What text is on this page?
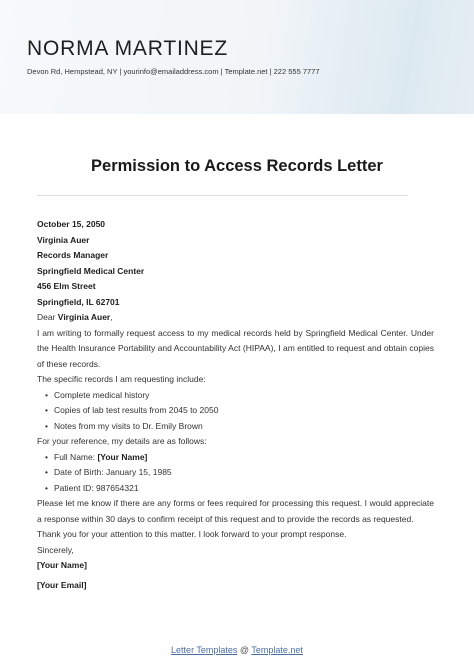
NORMA MARTINEZ

Devon Rd, Hempstead, NY | yourinfo@emailaddress.com | Template.net | 222 555 7777

Permission to Access Records Letter

October 15, 2050

Virginia Auer

Records Manager

Springfield Medical Center

456 Elm Street

Springfield, IL 62701

Dear Virginia Auer,

I am writing to formally request access to my medical records held by Springfield Medical Center. Under the Health Insurance Portability and Accountability Act (HIPAA), I am entitled to request and obtain copies of these records.

The specific records I am requesting include:

• Complete medical history
• Copies of lab test results from 2045 to 2050
• Notes from my visits to Dr. Emily Brown

For your reference, my details are as follows:

• Full Name: [Your Name]
• Date of Birth: January 15, 1985
• Patient ID: 987654321

Please let me know if there are any forms or fees required for processing this request. I would appreciate a response within 30 days to confirm receipt of this request and to provide the records as requested.

Thank you for your attention to this matter. I look forward to your prompt response.

Sincerely,

[Your Name]

[Your Email]

Letter Templates @ Template.net
